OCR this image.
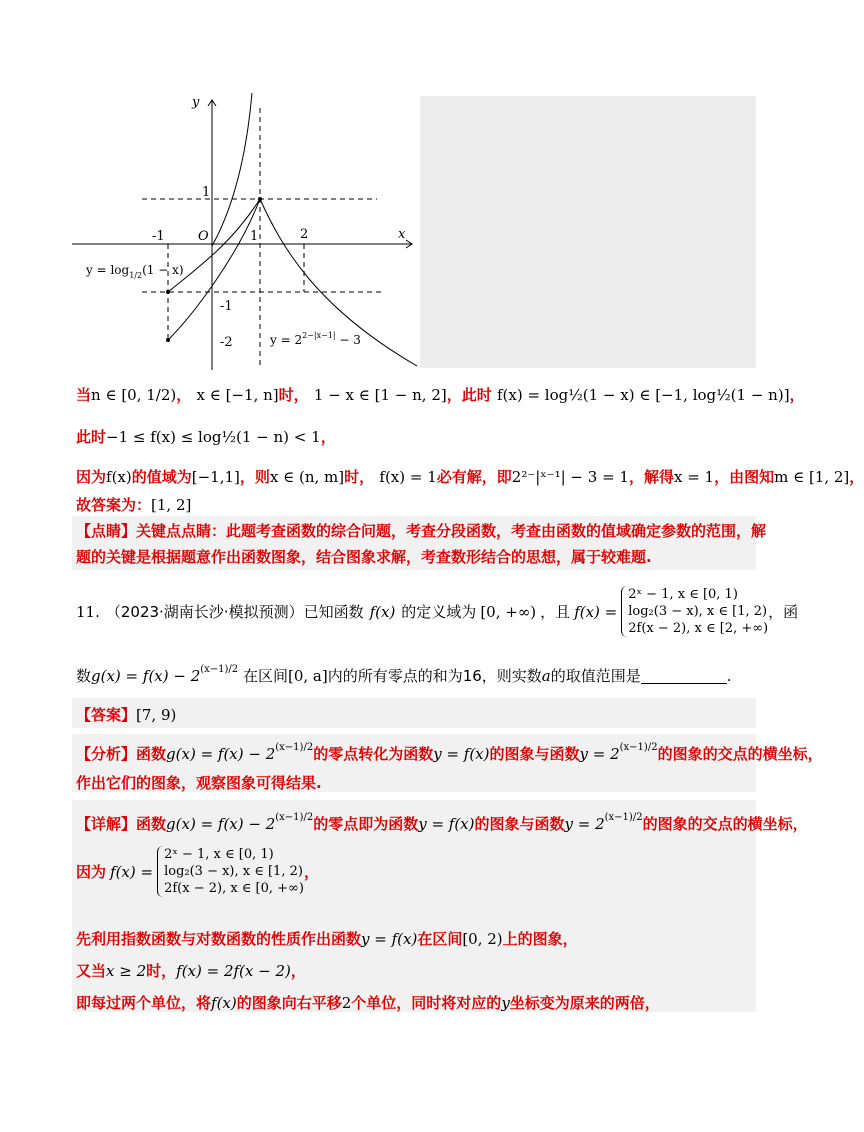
y
x
O
-1	1	2
1
-1
-2
$y = \log_{1/2}(1 - x)$
$y = 2^{2-|x-1|} - 3$
当n ∈ [0, 1/2)， x ∈ [−1, n]时， 1 − x ∈ [1 − n, 2]，此时 f(x) = log½(1 − x) ∈ [−1, log½(1 − n)]，
此时−1 ≤ f(x) ≤ log½(1 − n) < 1，
因为f(x)的值域为[−1,1]，则x ∈ (n, m]时， f(x) = 1必有解，即2²⁻|ˣ⁻¹| − 3 = 1，解得x = 1，由图知m ∈ [1, 2]，
故答案为：[1, 2]
【点睛】关键点点睛：此题考查函数的综合问题，考查分段函数，考查由函数的值域确定参数的范围，解
题的关键是根据题意作出函数图象，结合图象求解，考查数形结合的思想，属于较难题.
11. （2023·湖南长沙·模拟预测）已知函数 f(x) 的定义域为 [0, +∞) ，且 f(x) =
2ˣ − 1, x ∈ [0, 1)
log₂(3 − x), x ∈ [1, 2)
2f(x − 2), x ∈ [2, +∞)
，函
数$g(x) = f(x) - 2^{(x-1)/2}$ 在区间[0, a]内的所有零点的和为16，则实数a的取值范围是	.
【答案】[7, 9)
【分析】函数$g(x) = f(x) - 2^{(x-1)/2}$的零点转化为函数y = f(x)的图象与函数$y = 2^{(x-1)/2}$的图象的交点的横坐标，
作出它们的图象，观察图象可得结果.
【详解】函数$g(x) = f(x) - 2^{(x-1)/2}$的零点即为函数y = f(x)的图象与函数$y = 2^{(x-1)/2}$的图象的交点的横坐标，
因为 f(x) =
2ˣ − 1, x ∈ [0, 1)
log₂(3 − x), x ∈ [1, 2)
2f(x − 2), x ∈ [0, +∞)
，
先利用指数函数与对数函数的性质作出函数y = f(x)在区间[0, 2)上的图象，
又当x ≥ 2时，f(x) = 2f(x − 2)，
即每过两个单位，将f(x)的图象向右平移2个单位，同时将对应的y坐标变为原来的两倍，
